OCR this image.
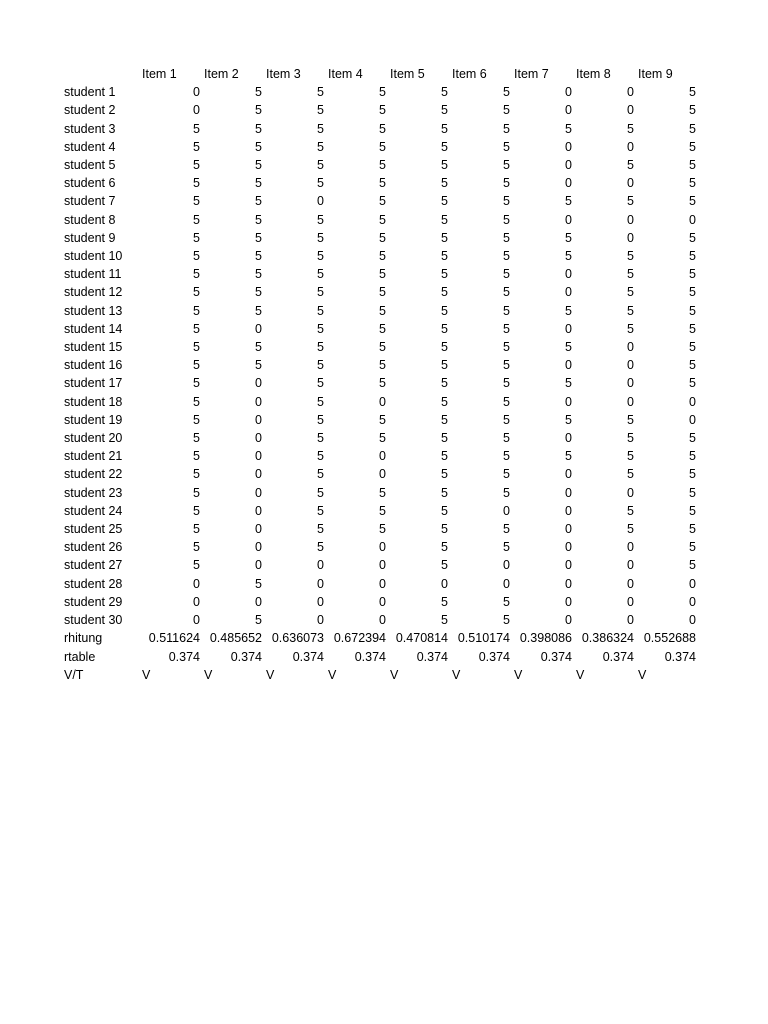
	Item 1	Item 2	Item 3	Item 4	Item 5	Item 6	Item 7	Item 8	Item 9
student 1	0	5	5	5	5	5	0	0	5
student 2	0	5	5	5	5	5	0	0	5
student 3	5	5	5	5	5	5	5	5	5
student 4	5	5	5	5	5	5	0	0	5
student 5	5	5	5	5	5	5	0	5	5
student 6	5	5	5	5	5	5	0	0	5
student 7	5	5	0	5	5	5	5	5	5
student 8	5	5	5	5	5	5	0	0	0
student 9	5	5	5	5	5	5	5	0	5
student 10	5	5	5	5	5	5	5	5	5
student 11	5	5	5	5	5	5	0	5	5
student 12	5	5	5	5	5	5	0	5	5
student 13	5	5	5	5	5	5	5	5	5
student 14	5	0	5	5	5	5	0	5	5
student 15	5	5	5	5	5	5	5	0	5
student 16	5	5	5	5	5	5	0	0	5
student 17	5	0	5	5	5	5	5	0	5
student 18	5	0	5	0	5	5	0	0	0
student 19	5	0	5	5	5	5	5	5	0
student 20	5	0	5	5	5	5	0	5	5
student 21	5	0	5	0	5	5	5	5	5
student 22	5	0	5	0	5	5	0	5	5
student 23	5	0	5	5	5	5	0	0	5
student 24	5	0	5	5	5	0	0	5	5
student 25	5	0	5	5	5	5	0	5	5
student 26	5	0	5	0	5	5	0	0	5
student 27	5	0	0	0	5	0	0	0	5
student 28	0	5	0	0	0	0	0	0	0
student 29	0	0	0	0	5	5	0	0	0
student 30	0	5	0	0	5	5	0	0	0
rhitung	0.511624	0.485652	0.636073	0.672394	0.470814	0.510174	0.398086	0.386324	0.552688
rtable	0.374	0.374	0.374	0.374	0.374	0.374	0.374	0.374	0.374
V/T	V	V	V	V	V	V	V	V	V
